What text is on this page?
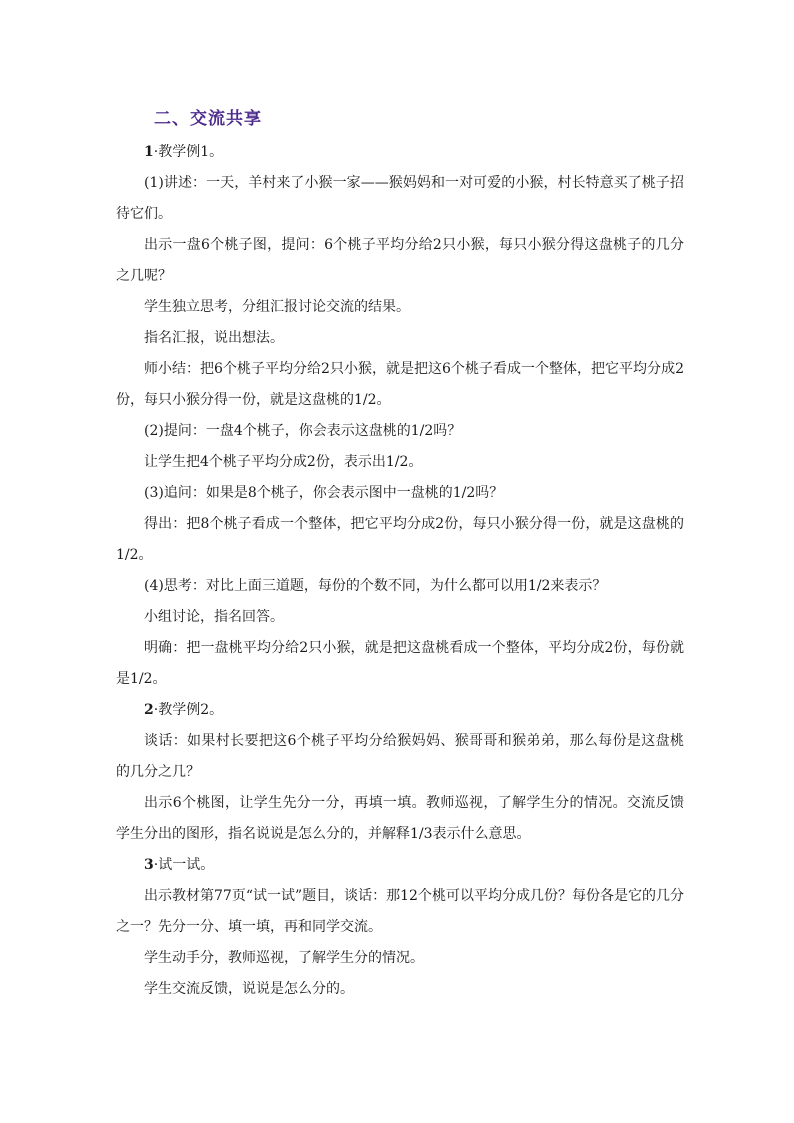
二、交流共享

1·教学例1。

(1)讲述：一天，羊村来了小猴一家——猴妈妈和一对可爱的小猴，村长特意买了桃子招待它们。

出示一盘6个桃子图，提问：6个桃子平均分给2只小猴，每只小猴分得这盘桃子的几分之几呢？

学生独立思考，分组汇报讨论交流的结果。

指名汇报，说出想法。

师小结：把6个桃子平均分给2只小猴，就是把这6个桃子看成一个整体，把它平均分成2份，每只小猴分得一份，就是这盘桃的1/2。

(2)提问：一盘4个桃子，你会表示这盘桃的1/2吗？

让学生把4个桃子平均分成2份，表示出1/2。

(3)追问：如果是8个桃子，你会表示图中一盘桃的1/2吗？

得出：把8个桃子看成一个整体，把它平均分成2份，每只小猴分得一份，就是这盘桃的1/2。

(4)思考：对比上面三道题，每份的个数不同，为什么都可以用1/2来表示？

小组讨论，指名回答。

明确：把一盘桃平均分给2只小猴，就是把这盘桃看成一个整体，平均分成2份，每份就是1/2。

2·教学例2。

谈话：如果村长要把这6个桃子平均分给猴妈妈、猴哥哥和猴弟弟，那么每份是这盘桃的几分之几？

出示6个桃图，让学生先分一分，再填一填。教师巡视，了解学生分的情况。交流反馈学生分出的图形，指名说说是怎么分的，并解释1/3表示什么意思。

3·试一试。

出示教材第77页“试一试”题目，谈话：那12个桃可以平均分成几份？每份各是它的几分之一？先分一分、填一填，再和同学交流。

学生动手分，教师巡视，了解学生分的情况。

学生交流反馈，说说是怎么分的。
